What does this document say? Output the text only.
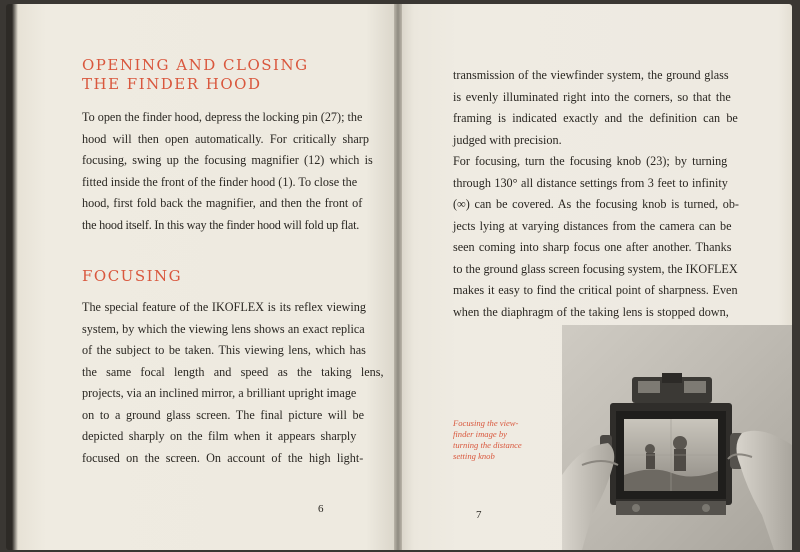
OPENING AND CLOSING
THE FINDER HOOD
To open the finder hood, depress the locking pin (27); the
hood will then open automatically. For critically sharp
focusing, swing up the focusing magnifier (12) which is
fitted inside the front of the finder hood (1). To close the
hood, first fold back the magnifier, and then the front of
the hood itself. In this way the finder hood will fold up flat.
FOCUSING
The special feature of the IKOFLEX is its reflex viewing
system, by which the viewing lens shows an exact replica
of the subject to be taken. This viewing lens, which has
the same focal length and speed as the taking lens,
projects, via an inclined mirror, a brilliant upright image
on to a ground glass screen. The final picture will be
depicted sharply on the film when it appears sharply
focused on the screen. On account of the high light-
6
transmission of the viewfinder system, the ground glass
is evenly illuminated right into the corners, so that the
framing is indicated exactly and the definition can be
judged with precision.
For focusing, turn the focusing knob (23); by turning
through 130° all distance settings from 3 feet to infinity
(∞) can be covered. As the focusing knob is turned, ob-
jects lying at varying distances from the camera can be
seen coming into sharp focus one after another. Thanks
to the ground glass screen focusing system, the IKOFLEX
makes it easy to find the critical point of sharpness. Even
when the diaphragm of the taking lens is stopped down,
Focusing the view-
finder image by
turning the distance
setting knob
7
